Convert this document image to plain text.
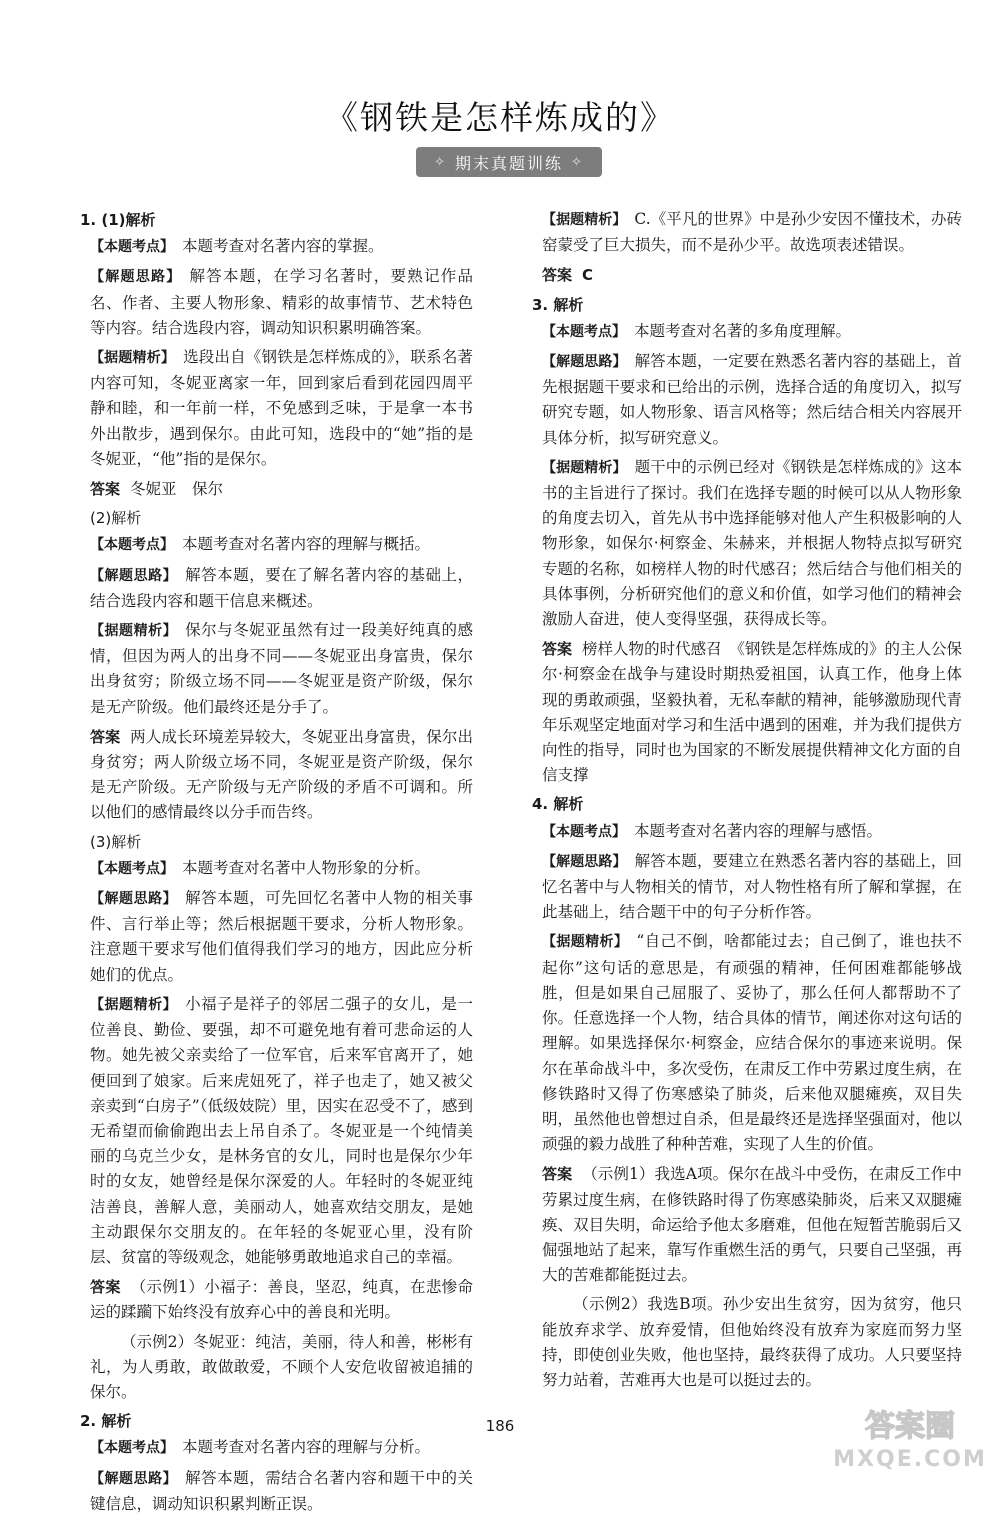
《钢铁是怎样炼成的》
✧ 期末真题训练 ✧
1. (1)解析
【本题考点】 本题考查对名著内容的掌握。
【解题思路】 解答本题，在学习名著时，要熟记作品名、作者、主要人物形象、精彩的故事情节、艺术特色等内容。结合选段内容，调动知识积累明确答案。
【据题精析】 选段出自《钢铁是怎样炼成的》，联系名著内容可知，冬妮亚离家一年，回到家后看到花园四周平静和睦，和一年前一样，不免感到乏味，于是拿一本书外出散步，遇到保尔。由此可知，选段中的“她”指的是冬妮亚，“他”指的是保尔。
答案 冬妮亚　保尔
(2)解析
【本题考点】 本题考查对名著内容的理解与概括。
【解题思路】 解答本题，要在了解名著内容的基础上，结合选段内容和题干信息来概述。
【据题精析】 保尔与冬妮亚虽然有过一段美好纯真的感情，但因为两人的出身不同——冬妮亚出身富贵，保尔出身贫穷；阶级立场不同——冬妮亚是资产阶级，保尔是无产阶级。他们最终还是分手了。
答案 两人成长环境差异较大，冬妮亚出身富贵，保尔出身贫穷；两人阶级立场不同，冬妮亚是资产阶级，保尔是无产阶级。无产阶级与无产阶级的矛盾不可调和。所以他们的感情最终以分手而告终。
(3)解析
【本题考点】 本题考查对名著中人物形象的分析。
【解题思路】 解答本题，可先回忆名著中人物的相关事件、言行举止等；然后根据题干要求，分析人物形象。注意题干要求写他们值得我们学习的地方，因此应分析她们的优点。
【据题精析】 小福子是祥子的邻居二强子的女儿，是一位善良、勤俭、要强，却不可避免地有着可悲命运的人物。她先被父亲卖给了一位军官，后来军官离开了，她便回到了娘家。后来虎妞死了，祥子也走了，她又被父亲卖到“白房子”（低级妓院）里，因实在忍受不了，感到无希望而偷偷跑出去上吊自杀了。冬妮亚是一个纯情美丽的乌克兰少女，是林务官的女儿，同时也是保尔少年时的女友，她曾经是保尔深爱的人。年轻时的冬妮亚纯洁善良，善解人意，美丽动人，她喜欢结交朋友，是她主动跟保尔交朋友的。在年轻的冬妮亚心里，没有阶层、贫富的等级观念，她能够勇敢地追求自己的幸福。
答案 （示例1）小福子：善良，坚忍，纯真，在悲惨命运的蹂躏下始终没有放弃心中的善良和光明。
（示例2）冬妮亚：纯洁，美丽，待人和善，彬彬有礼，为人勇敢，敢做敢爱，不顾个人安危收留被追捕的保尔。
2. 解析
【本题考点】 本题考查对名著内容的理解与分析。
【解题思路】 解答本题，需结合名著内容和题干中的关键信息，调动知识积累判断正误。
【据题精析】 C.《平凡的世界》中是孙少安因不懂技术，办砖窑蒙受了巨大损失，而不是孙少平。故选项表述错误。
答案 C
3. 解析
【本题考点】 本题考查对名著的多角度理解。
【解题思路】 解答本题，一定要在熟悉名著内容的基础上，首先根据题干要求和已给出的示例，选择合适的角度切入，拟写研究专题，如人物形象、语言风格等；然后结合相关内容展开具体分析，拟写研究意义。
【据题精析】 题干中的示例已经对《钢铁是怎样炼成的》这本书的主旨进行了探讨。我们在选择专题的时候可以从人物形象的角度去切入，首先从书中选择能够对他人产生积极影响的人物形象，如保尔·柯察金、朱赫来，并根据人物特点拟写研究专题的名称，如榜样人物的时代感召；然后结合与他们相关的具体事例，分析研究他们的意义和价值，如学习他们的精神会激励人奋进，使人变得坚强，获得成长等。
答案 榜样人物的时代感召　《钢铁是怎样炼成的》的主人公保尔·柯察金在战争与建设时期热爱祖国，认真工作，他身上体现的勇敢顽强，坚毅执着，无私奉献的精神，能够激励现代青年乐观坚定地面对学习和生活中遇到的困难，并为我们提供方向性的指导，同时也为国家的不断发展提供精神文化方面的自信支撑
4. 解析
【本题考点】 本题考查对名著内容的理解与感悟。
【解题思路】 解答本题，要建立在熟悉名著内容的基础上，回忆名著中与人物相关的情节，对人物性格有所了解和掌握，在此基础上，结合题干中的句子分析作答。
【据题精析】 “自己不倒，啥都能过去；自己倒了，谁也扶不起你”这句话的意思是，有顽强的精神，任何困难都能够战胜，但是如果自己屈服了、妥协了，那么任何人都帮助不了你。任意选择一个人物，结合具体的情节，阐述你对这句话的理解。如果选择保尔·柯察金，应结合保尔的事迹来说明。保尔在革命战斗中，多次受伤，在肃反工作中劳累过度生病，在修铁路时又得了伤寒感染了肺炎，后来他双腿瘫痪，双目失明，虽然他也曾想过自杀，但是最终还是选择坚强面对，他以顽强的毅力战胜了种种苦难，实现了人生的价值。
答案 （示例1）我选A项。保尔在战斗中受伤，在肃反工作中劳累过度生病，在修铁路时得了伤寒感染肺炎，后来又双腿瘫痪、双目失明，命运给予他太多磨难，但他在短暂苦脆弱后又倔强地站了起来，靠写作重燃生活的勇气，只要自己坚强，再大的苦难都能挺过去。
（示例2）我选B项。孙少安出生贫穷，因为贫穷，他只能放弃求学、放弃爱情，但他始终没有放弃为家庭而努力坚持，即使创业失败，他也坚持，最终获得了成功。人只要坚持努力站着，苦难再大也是可以挺过去的。
186	答案圈
MXQE.COM
